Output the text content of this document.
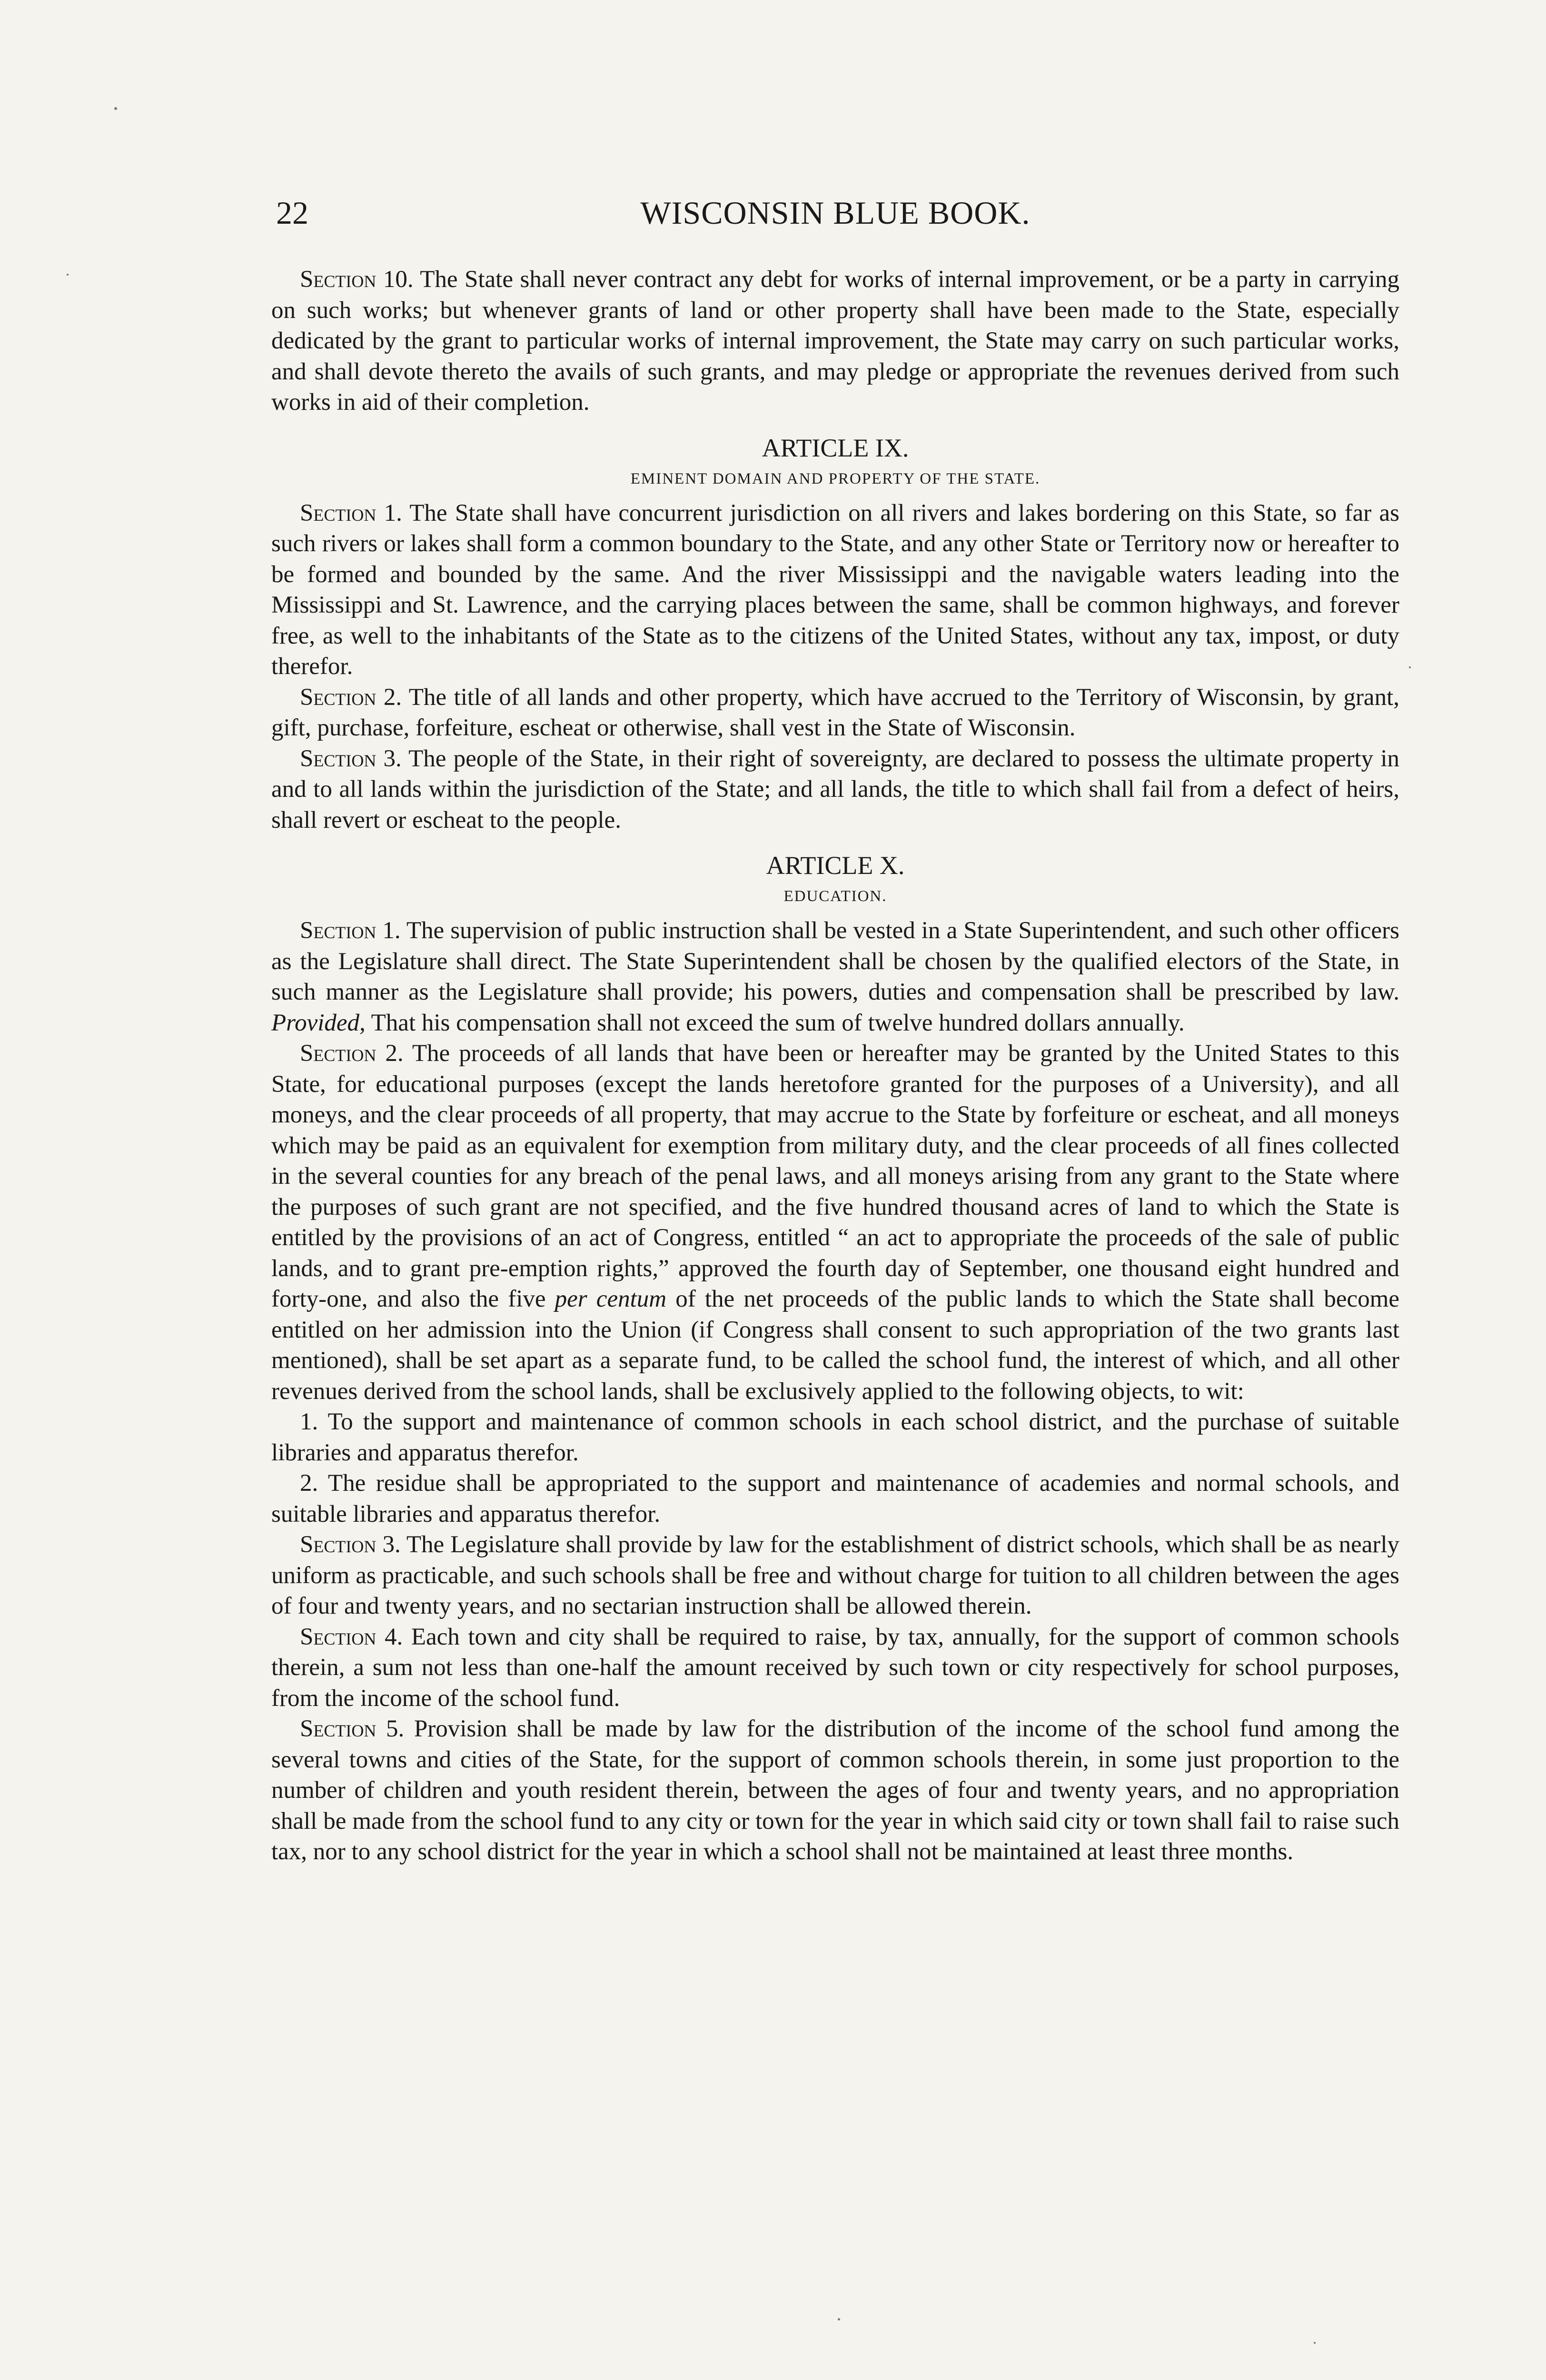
22	WISCONSIN BLUE BOOK.

Section 10. The State shall never contract any debt for works of internal improvement, or be a party in carrying on such works; but whenever grants of land or other property shall have been made to the State, especially dedicated by the grant to particular works of internal improvement, the State may carry on such particular works, and shall devote thereto the avails of such grants, and may pledge or appropriate the revenues derived from such works in aid of their completion.

ARTICLE IX.
EMINENT DOMAIN AND PROPERTY OF THE STATE.

Section 1. The State shall have concurrent jurisdiction on all rivers and lakes bordering on this State, so far as such rivers or lakes shall form a common boundary to the State, and any other State or Territory now or hereafter to be formed and bounded by the same. And the river Mississippi and the navigable waters leading into the Mississippi and St. Lawrence, and the carrying places between the same, shall be common highways, and forever free, as well to the inhabitants of the State as to the citizens of the United States, without any tax, impost, or duty therefor.

Section 2. The title of all lands and other property, which have accrued to the Territory of Wisconsin, by grant, gift, purchase, forfeiture, escheat or otherwise, shall vest in the State of Wisconsin.

Section 3. The people of the State, in their right of sovereignty, are declared to possess the ultimate property in and to all lands within the jurisdiction of the State; and all lands, the title to which shall fail from a defect of heirs, shall revert or escheat to the people.

ARTICLE X.
EDUCATION.

Section 1. The supervision of public instruction shall be vested in a State Superintendent, and such other officers as the Legislature shall direct. The State Superintendent shall be chosen by the qualified electors of the State, in such manner as the Legislature shall provide; his powers, duties and compensation shall be prescribed by law. Provided, That his compensation shall not exceed the sum of twelve hundred dollars annually.

Section 2. The proceeds of all lands that have been or hereafter may be granted by the United States to this State, for educational purposes (except the lands heretofore granted for the purposes of a University), and all moneys, and the clear proceeds of all property, that may accrue to the State by forfeiture or escheat, and all moneys which may be paid as an equivalent for exemption from military duty, and the clear proceeds of all fines collected in the several counties for any breach of the penal laws, and all moneys arising from any grant to the State where the purposes of such grant are not specified, and the five hundred thousand acres of land to which the State is entitled by the provisions of an act of Congress, entitled “ an act to appropriate the proceeds of the sale of public lands, and to grant pre-emption rights,” approved the fourth day of September, one thousand eight hundred and forty-one, and also the five per centum of the net proceeds of the public lands to which the State shall become entitled on her admission into the Union (if Congress shall consent to such appropriation of the two grants last mentioned), shall be set apart as a separate fund, to be called the school fund, the interest of which, and all other revenues derived from the school lands, shall be exclusively applied to the following objects, to wit:

1. To the support and maintenance of common schools in each school district, and the purchase of suitable libraries and apparatus therefor.

2. The residue shall be appropriated to the support and maintenance of academies and normal schools, and suitable libraries and apparatus therefor.

Section 3. The Legislature shall provide by law for the establishment of district schools, which shall be as nearly uniform as practicable, and such schools shall be free and without charge for tuition to all children between the ages of four and twenty years, and no sectarian instruction shall be allowed therein.

Section 4. Each town and city shall be required to raise, by tax, annually, for the support of common schools therein, a sum not less than one-half the amount received by such town or city respectively for school purposes, from the income of the school fund.

Section 5. Provision shall be made by law for the distribution of the income of the school fund among the several towns and cities of the State, for the support of common schools therein, in some just proportion to the number of children and youth resident therein, between the ages of four and twenty years, and no appropriation shall be made from the school fund to any city or town for the year in which said city or town shall fail to raise such tax, nor to any school district for the year in which a school shall not be maintained at least three months.
